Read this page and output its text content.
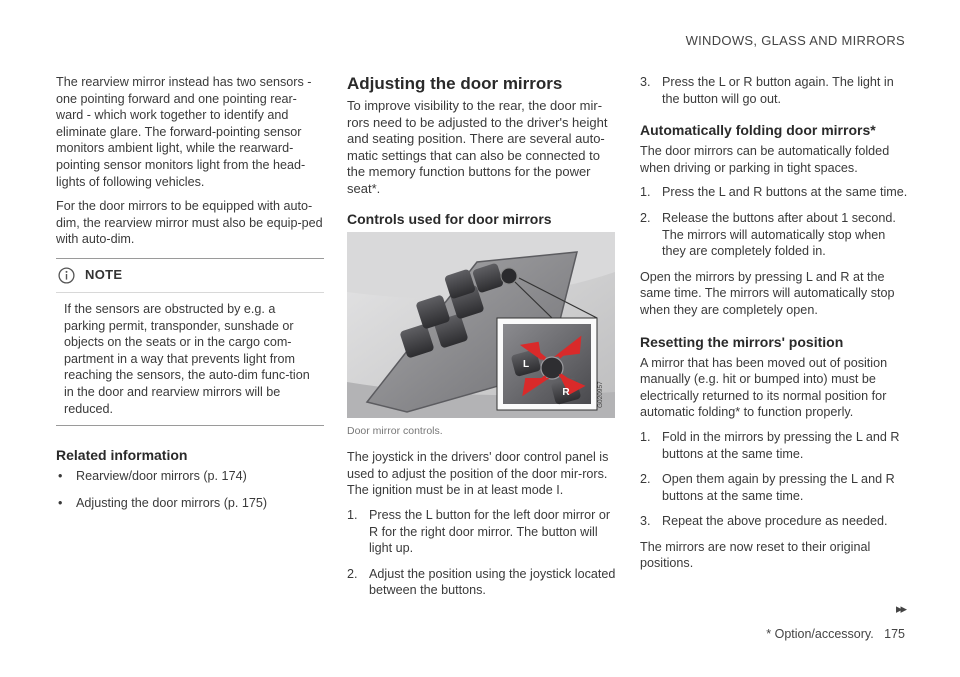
WINDOWS, GLASS AND MIRRORS

The rearview mirror instead has two sensors - one pointing forward and one pointing rear-ward - which work together to identify and eliminate glare. The forward-pointing sensor monitors ambient light, while the rearward-pointing sensor monitors light from the head-lights of following vehicles.

For the door mirrors to be equipped with auto-dim, the rearview mirror must also be equip-ped with auto-dim.

NOTE
If the sensors are obstructed by e.g. a parking permit, transponder, sunshade or objects on the seats or in the cargo com-partment in a way that prevents light from reaching the sensors, the auto-dim func-tion in the door and rearview mirrors will be reduced.
Related information
• Rearview/door mirrors (p. 174)
• Adjusting the door mirrors (p. 175)
Adjusting the door mirrors

To improve visibility to the rear, the door mir-rors need to be adjusted to the driver's height and seating position. There are several auto-matic settings that can also be connected to the memory function buttons for the power seat*.

Controls used for door mirrors
L
R	G020957
Door mirror controls.

The joystick in the drivers' door control panel is used to adjust the position of the door mir-rors. The ignition must be in at least mode I.

1. Press the L button for the left door mirror or R for the right door mirror. The button will light up.
2. Adjust the position using the joystick located between the buttons.
3. Press the L or R button again. The light in the button will go out.
Automatically folding door mirrors*

The door mirrors can be automatically folded when driving or parking in tight spaces.

1. Press the L and R buttons at the same time.
2. Release the buttons after about 1 second. The mirrors will automatically stop when they are completely folded in.

Open the mirrors by pressing L and R at the same time. The mirrors will automatically stop when they are completely open.

Resetting the mirrors' position

A mirror that has been moved out of position manually (e.g. hit or bumped into) must be electrically returned to its normal position for automatic folding* to function properly.

1. Fold in the mirrors by pressing the L and R buttons at the same time.
2. Open them again by pressing the L and R buttons at the same time.
3. Repeat the above procedure as needed.

The mirrors are now reset to their original positions.

▸▸
* Option/accessory. 175
